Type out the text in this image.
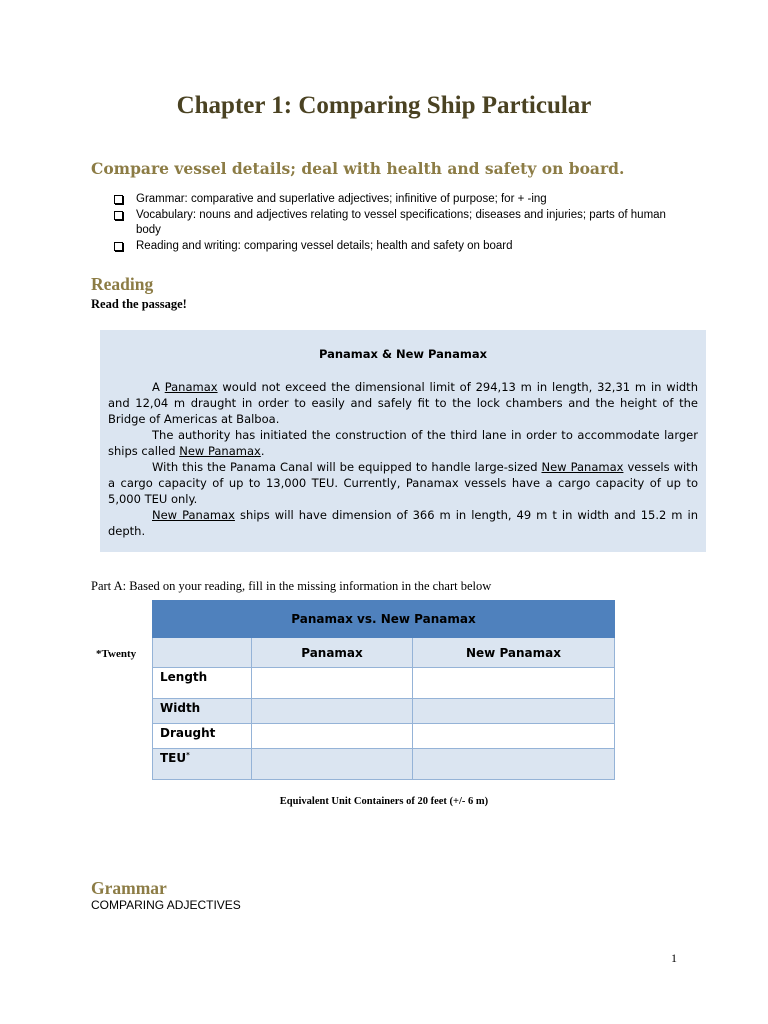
Chapter 1: Comparing Ship Particular
Compare vessel details; deal with health and safety on board.
Grammar: comparative and superlative adjectives; infinitive of purpose; for + -ing
Vocabulary: nouns and adjectives relating to vessel specifications; diseases and injuries; parts of human body
Reading and writing: comparing vessel details; health and safety on board
Reading
Read the passage!
Panamax & New Panamax

A Panamax would not exceed the dimensional limit of 294,13 m in length, 32,31 m in width and 12,04 m draught in order to easily and safely fit to the lock chambers and the height of the Bridge of Americas at Balboa.

The authority has initiated the construction of the third lane in order to accommodate larger ships called New Panamax.

With this the Panama Canal will be equipped to handle large-sized New Panamax vessels with a cargo capacity of up to 13,000 TEU. Currently, Panamax vessels have a cargo capacity of up to 5,000 TEU only.

New Panamax ships will have dimension of 366 m in length, 49 m t in width and 15.2 m in depth.

Part A: Based on your reading, fill in the missing information in the chart below
*Twenty
Panamax vs. New Panamax		
	Panamax	New Panamax
Length		
Width		
Draught		
TEU*		
Equivalent Unit Containers of 20 feet (+/- 6 m)
Grammar
COMPARING ADJECTIVES
1
